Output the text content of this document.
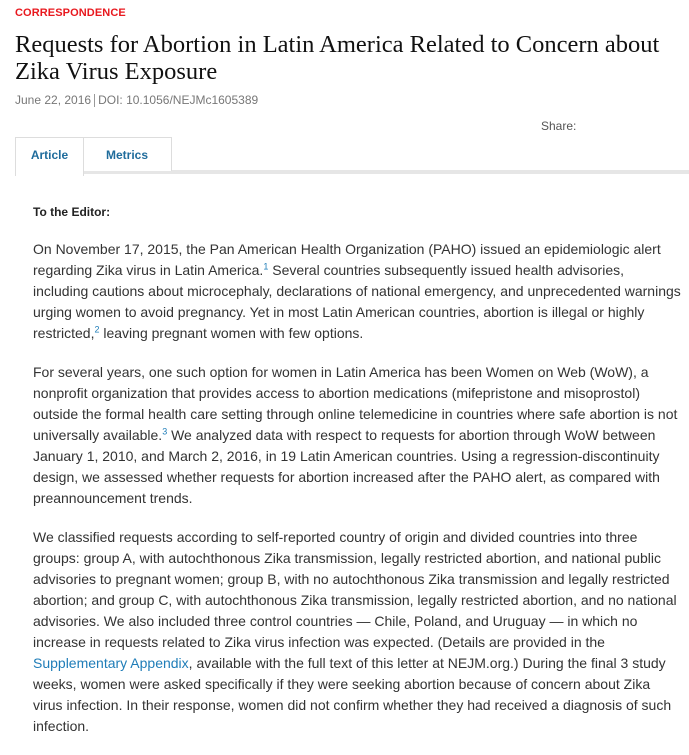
CORRESPONDENCE
Requests for Abortion in Latin America Related to Concern about Zika Virus Exposure
June 22, 2016 DOI: 10.1056/NEJMc1605389
Share:
Article	Metrics
To the Editor:

On November 17, 2015, the Pan American Health Organization (PAHO) issued an epidemiologic alert regarding Zika virus in Latin America.$^1$ Several countries subsequently issued health advisories, including cautions about microcephaly, declarations of national emergency, and unprecedented warnings urging women to avoid pregnancy. Yet in most Latin American countries, abortion is illegal or highly restricted,$^2$ leaving pregnant women with few options.

For several years, one such option for women in Latin America has been Women on Web (WoW), a nonprofit organization that provides access to abortion medications (mifepristone and misoprostol) outside the formal health care setting through online telemedicine in countries where safe abortion is not universally available.$^3$ We analyzed data with respect to requests for abortion through WoW between January 1, 2010, and March 2, 2016, in 19 Latin American countries. Using a regression-discontinuity design, we assessed whether requests for abortion increased after the PAHO alert, as compared with preannouncement trends.

We classified requests according to self-reported country of origin and divided countries into three groups: group A, with autochthonous Zika transmission, legally restricted abortion, and national public advisories to pregnant women; group B, with no autochthonous Zika transmission and legally restricted abortion; and group C, with autochthonous Zika transmission, legally restricted abortion, and no national advisories. We also included three control countries — Chile, Poland, and Uruguay — in which no increase in requests related to Zika virus infection was expected. (Details are provided in the Supplementary Appendix, available with the full text of this letter at NEJM.org.) During the final 3 study weeks, women were asked specifically if they were seeking abortion because of concern about Zika virus infection. In their response, women did not confirm whether they had received a diagnosis of such infection.
